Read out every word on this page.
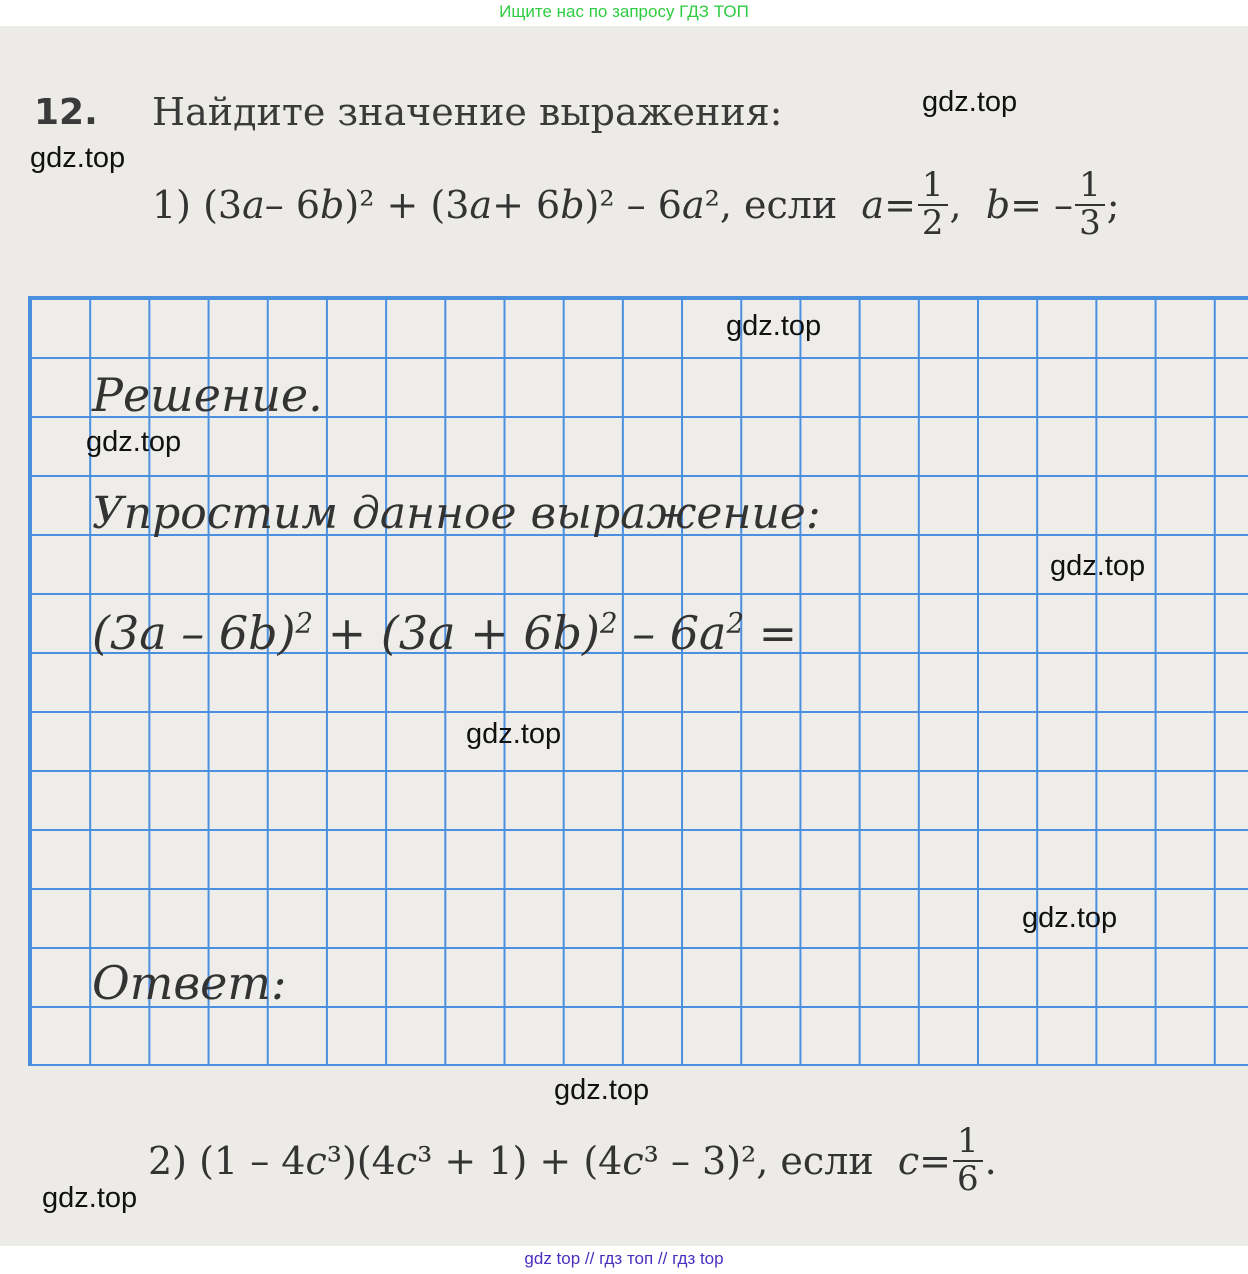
Ищите нас по запросу ГДЗ ТОП
12. Найдите значение выражения:
1)
(3 a – 6 b )² + (3 a + 6 b )² – 6 a ², если
$a = \frac{1}{2}$ ,
b = – $\frac{1}{3}$ ;
Решение.
Упростим данное выражение:
$(3a - 6b)^2 + (3a + 6b)^2 - 6a^2$ =
Ответ:
2)
(1 – 4 c ³)(4 c ³ + 1) + (4 c ³ – 3)², если
$c = \frac{1}{6}$ .
gdz.top
gdz.top
gdz.top
gdz.top
gdz.top
gdz.top
gdz.top
gdz.top
gdz.top
gdz top // гдз топ // гдз top
